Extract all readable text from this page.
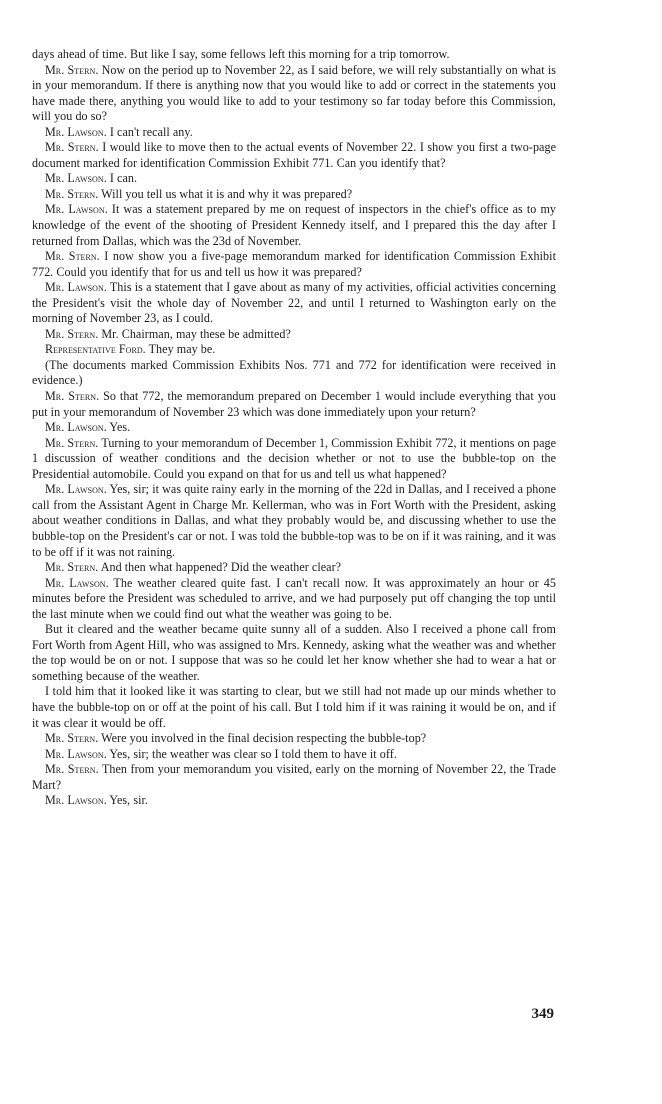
days ahead of time. But like I say, some fellows left this morning for a trip tomorrow.

Mr. Stern. Now on the period up to November 22, as I said before, we will rely substantially on what is in your memorandum. If there is anything now that you would like to add or correct in the statements you have made there, anything you would like to add to your testimony so far today before this Commission, will you do so?

Mr. Lawson. I can't recall any.

Mr. Stern. I would like to move then to the actual events of November 22. I show you first a two-page document marked for identification Commission Exhibit 771. Can you identify that?

Mr. Lawson. I can.

Mr. Stern. Will you tell us what it is and why it was prepared?

Mr. Lawson. It was a statement prepared by me on request of inspectors in the chief's office as to my knowledge of the event of the shooting of President Kennedy itself, and I prepared this the day after I returned from Dallas, which was the 23d of November.

Mr. Stern. I now show you a five-page memorandum marked for identification Commission Exhibit 772. Could you identify that for us and tell us how it was prepared?

Mr. Lawson. This is a statement that I gave about as many of my activities, official activities concerning the President's visit the whole day of November 22, and until I returned to Washington early on the morning of November 23, as I could.

Mr. Stern. Mr. Chairman, may these be admitted?

Representative Ford. They may be.

(The documents marked Commission Exhibits Nos. 771 and 772 for identification were received in evidence.)

Mr. Stern. So that 772, the memorandum prepared on December 1 would include everything that you put in your memorandum of November 23 which was done immediately upon your return?

Mr. Lawson. Yes.

Mr. Stern. Turning to your memorandum of December 1, Commission Exhibit 772, it mentions on page 1 discussion of weather conditions and the decision whether or not to use the bubble-top on the Presidential automobile. Could you expand on that for us and tell us what happened?

Mr. Lawson. Yes, sir; it was quite rainy early in the morning of the 22d in Dallas, and I received a phone call from the Assistant Agent in Charge Mr. Kellerman, who was in Fort Worth with the President, asking about weather conditions in Dallas, and what they probably would be, and discussing whether to use the bubble-top on the President's car or not. I was told the bubble-top was to be on if it was raining, and it was to be off if it was not raining.

Mr. Stern. And then what happened? Did the weather clear?

Mr. Lawson. The weather cleared quite fast. I can't recall now. It was approximately an hour or 45 minutes before the President was scheduled to arrive, and we had purposely put off changing the top until the last minute when we could find out what the weather was going to be.

But it cleared and the weather became quite sunny all of a sudden. Also I received a phone call from Fort Worth from Agent Hill, who was assigned to Mrs. Kennedy, asking what the weather was and whether the top would be on or not. I suppose that was so he could let her know whether she had to wear a hat or something because of the weather.

I told him that it looked like it was starting to clear, but we still had not made up our minds whether to have the bubble-top on or off at the point of his call. But I told him if it was raining it would be on, and if it was clear it would be off.

Mr. Stern. Were you involved in the final decision respecting the bubble-top?

Mr. Lawson. Yes, sir; the weather was clear so I told them to have it off.

Mr. Stern. Then from your memorandum you visited, early on the morning of November 22, the Trade Mart?

Mr. Lawson. Yes, sir.

349
